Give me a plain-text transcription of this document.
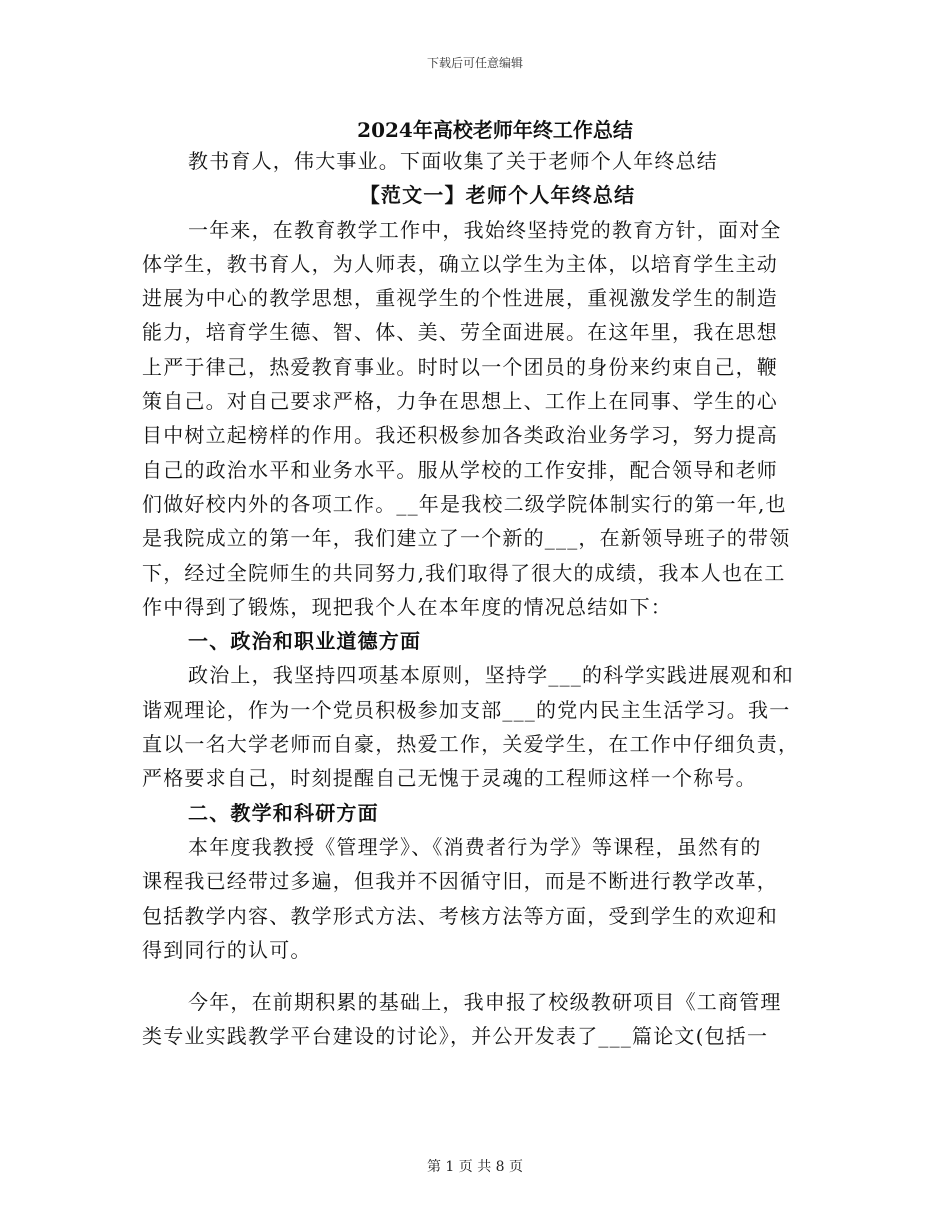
下载后可任意编辑
2024年高校老师年终工作总结
教书育人，伟大事业。下面收集了关于老师个人年终总结
【范文一】老师个人年终总结
一年来，在教育教学工作中，我始终坚持党的教育方针，面对全
体学生，教书育人，为人师表，确立以学生为主体，以培育学生主动
进展为中心的教学思想，重视学生的个性进展，重视激发学生的制造
能力，培育学生德、智、体、美、劳全面进展。在这年里，我在思想
上严于律己，热爱教育事业。时时以一个团员的身份来约束自己，鞭
策自己。对自己要求严格，力争在思想上、工作上在同事、学生的心
目中树立起榜样的作用。我还积极参加各类政治业务学习，努力提高
自己的政治水平和业务水平。服从学校的工作安排，配合领导和老师
们做好校内外的各项工作。__年是我校二级学院体制实行的第一年,也
是我院成立的第一年，我们建立了一个新的___，在新领导班子的带领
下，经过全院师生的共同努力,我们取得了很大的成绩，我本人也在工
作中得到了锻炼，现把我个人在本年度的情况总结如下：
一、政治和职业道德方面
政治上，我坚持四项基本原则，坚持学___的科学实践进展观和和
谐观理论，作为一个党员积极参加支部___的党内民主生活学习。我一
直以一名大学老师而自豪，热爱工作，关爱学生，在工作中仔细负责，
严格要求自己，时刻提醒自己无愧于灵魂的工程师这样一个称号。
二、教学和科研方面
本年度我教授《管理学》、《消费者行为学》等课程，虽然有的
课程我已经带过多遍，但我并不因循守旧，而是不断进行教学改革，
包括教学内容、教学形式方法、考核方法等方面，受到学生的欢迎和
得到同行的认可。
今年，在前期积累的基础上，我申报了校级教研项目《工商管理
类专业实践教学平台建设的讨论》，并公开发表了___篇论文(包括一
第 1 页 共 8 页
